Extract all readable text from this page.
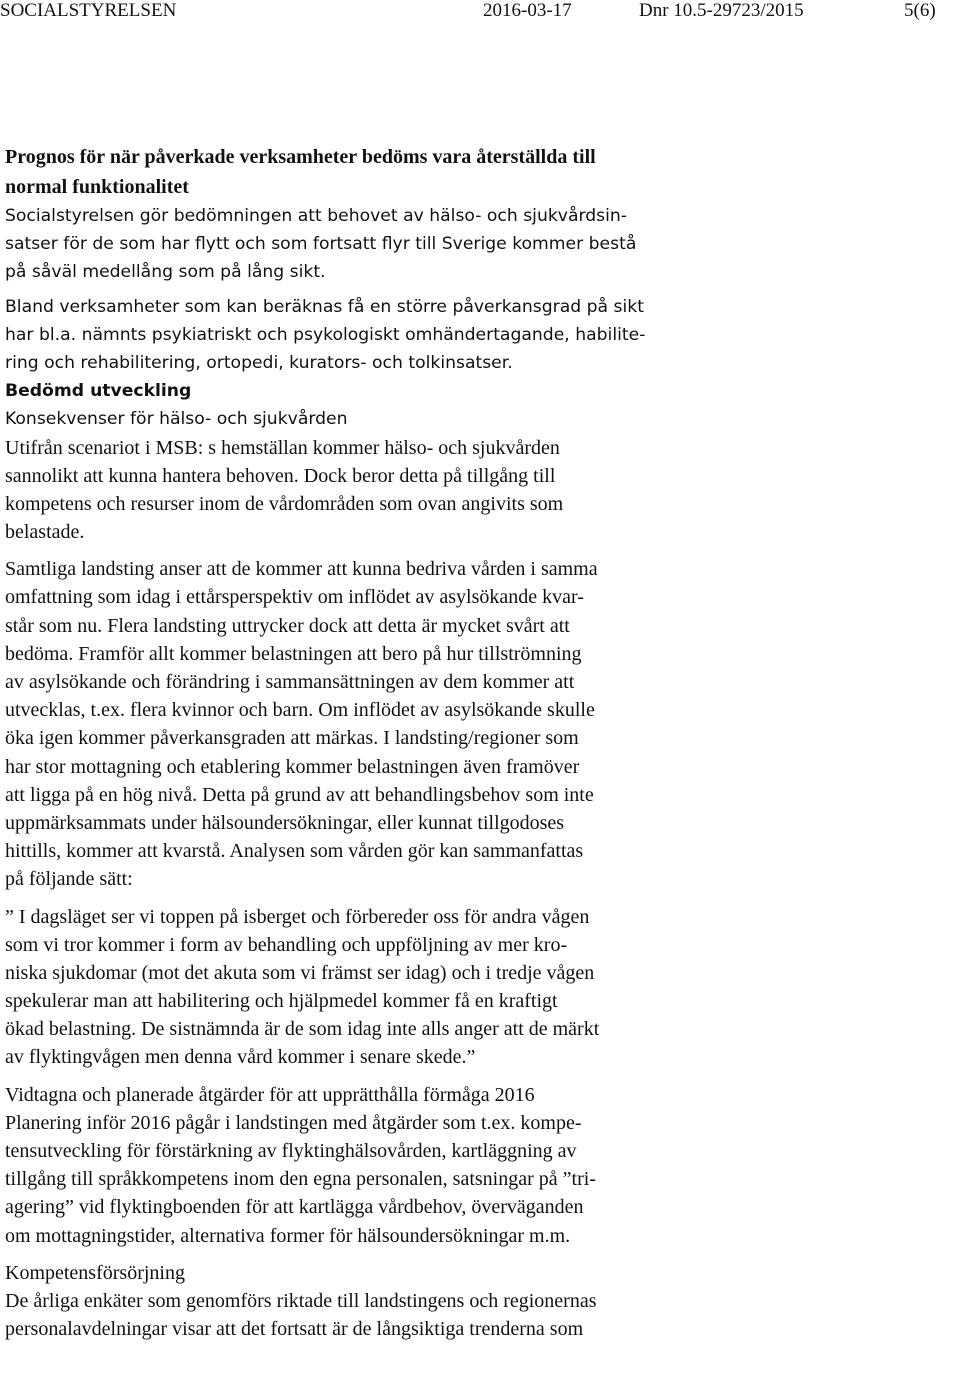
SOCIALSTYRELSEN	2016-03-17	Dnr 10.5-29723/2015	5(6)
Prognos för när påverkade verksamheter bedöms vara återställda till
normal funktionalitet
Socialstyrelsen gör bedömningen att behovet av hälso- och sjukvårdsin-
satser för de som har flytt och som fortsatt flyr till Sverige kommer bestå
på såväl medellång som på lång sikt.
Bland verksamheter som kan beräknas få en större påverkansgrad på sikt
har bl.a. nämnts psykiatriskt och psykologiskt omhändertagande, habilite-
ring och rehabilitering, ortopedi, kurators- och tolkinsatser.
Bedömd utveckling
Konsekvenser för hälso- och sjukvården
Utifrån scenariot i MSB: s hemställan kommer hälso- och sjukvården
sannolikt att kunna hantera behoven. Dock beror detta på tillgång till
kompetens och resurser inom de vårdområden som ovan angivits som
belastade.
Samtliga landsting anser att de kommer att kunna bedriva vården i samma
omfattning som idag i ettårsperspektiv om inflödet av asylsökande kvar-
står som nu. Flera landsting uttrycker dock att detta är mycket svårt att
bedöma. Framför allt kommer belastningen att bero på hur tillströmning
av asylsökande och förändring i sammansättningen av dem kommer att
utvecklas, t.ex. flera kvinnor och barn. Om inflödet av asylsökande skulle
öka igen kommer påverkansgraden att märkas. I landsting/regioner som
har stor mottagning och etablering kommer belastningen även framöver
att ligga på en hög nivå. Detta på grund av att behandlingsbehov som inte
uppmärksammats under hälsoundersökningar, eller kunnat tillgodoses
hittills, kommer att kvarstå. Analysen som vården gör kan sammanfattas
på följande sätt:
” I dagsläget ser vi toppen på isberget och förbereder oss för andra vågen
som vi tror kommer i form av behandling och uppföljning av mer kro-
niska sjukdomar (mot det akuta som vi främst ser idag) och i tredje vågen
spekulerar man att habilitering och hjälpmedel kommer få en kraftigt
ökad belastning. De sistnämnda är de som idag inte alls anger att de märkt
av flyktingvågen men denna vård kommer i senare skede.”
Vidtagna och planerade åtgärder för att upprätthålla förmåga 2016
Planering inför 2016 pågår i landstingen med åtgärder som t.ex. kompe-
tensutveckling för förstärkning av flyktinghälsovården, kartläggning av
tillgång till språkkompetens inom den egna personalen, satsningar på ”tri-
agering” vid flyktingboenden för att kartlägga vårdbehov, överväganden
om mottagningstider, alternativa former för hälsoundersökningar m.m.
Kompetensförsörjning
De årliga enkäter som genomförs riktade till landstingens och regionernas
personalavdelningar visar att det fortsatt är de långsiktiga trenderna som
